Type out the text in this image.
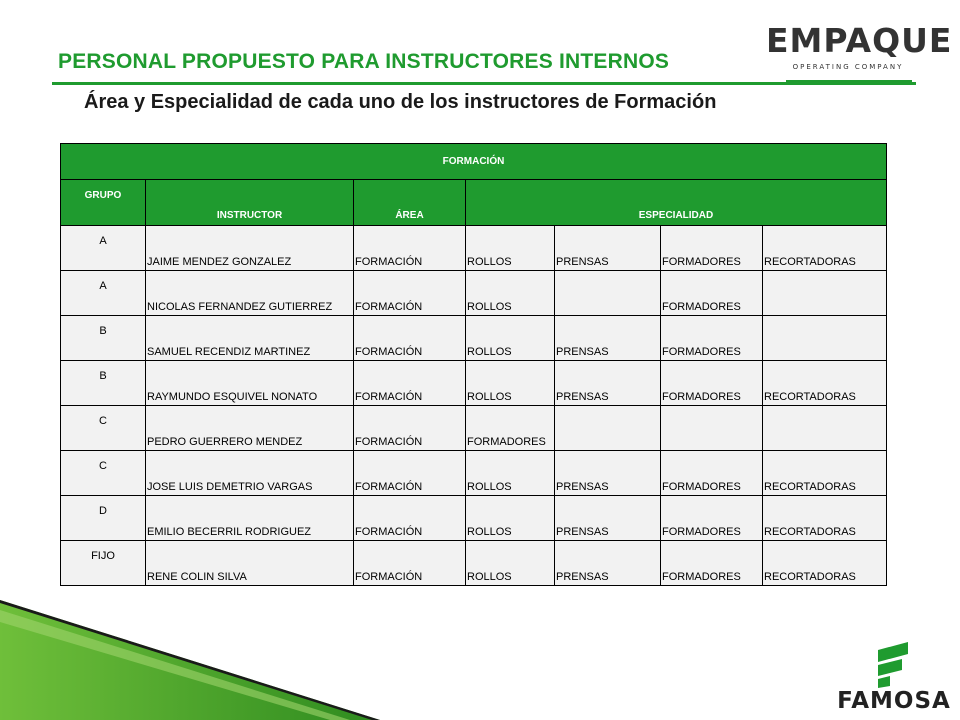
PERSONAL PROPUESTO PARA INSTRUCTORES INTERNOS
Área y Especialidad de cada uno de los instructores de Formación
EMPAQUE
OPERATING COMPANY
FORMACIÓN						
GRUPO	INSTRUCTOR	ÁREA	ESPECIALIDAD			
A	JAIME MENDEZ GONZALEZ	FORMACIÓN	ROLLOS	PRENSAS	FORMADORES	RECORTADORAS
A	NICOLAS FERNANDEZ GUTIERREZ	FORMACIÓN	ROLLOS		FORMADORES	
B	SAMUEL RECENDIZ MARTINEZ	FORMACIÓN	ROLLOS	PRENSAS	FORMADORES	
B	RAYMUNDO ESQUIVEL NONATO	FORMACIÓN	ROLLOS	PRENSAS	FORMADORES	RECORTADORAS
C	PEDRO GUERRERO MENDEZ	FORMACIÓN	FORMADORES			
C	JOSE LUIS DEMETRIO VARGAS	FORMACIÓN	ROLLOS	PRENSAS	FORMADORES	RECORTADORAS
D	EMILIO BECERRIL RODRIGUEZ	FORMACIÓN	ROLLOS	PRENSAS	FORMADORES	RECORTADORAS
FIJO	RENE COLIN SILVA	FORMACIÓN	ROLLOS	PRENSAS	FORMADORES	RECORTADORAS
FAMOSA
